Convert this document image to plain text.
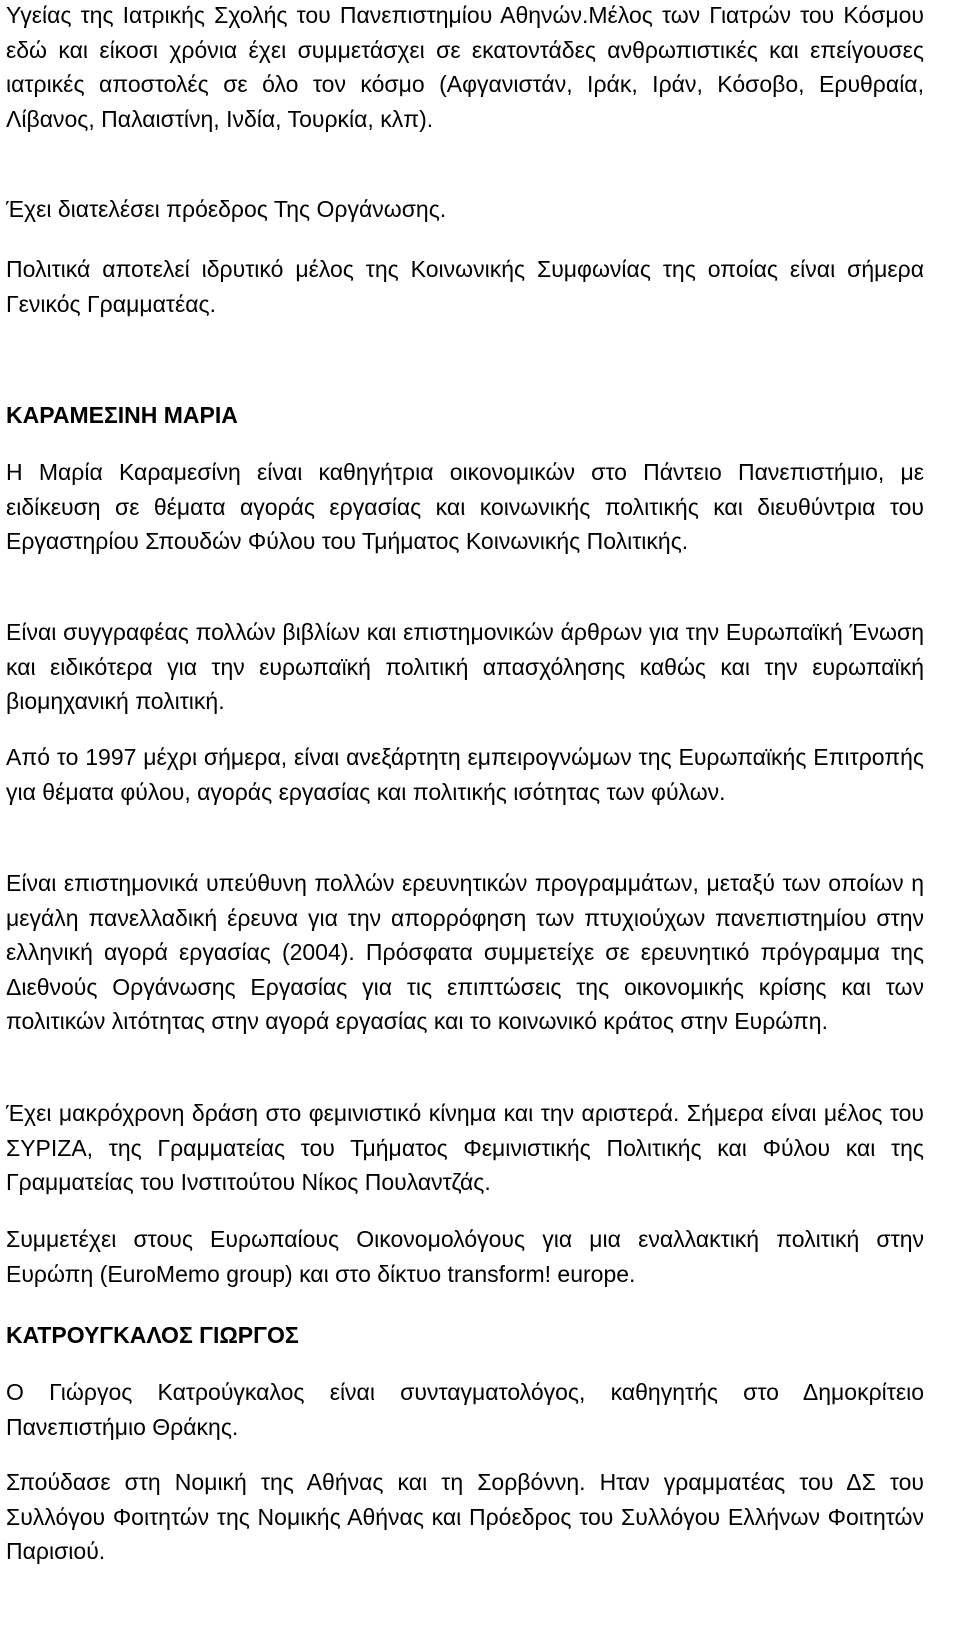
Υγείας της Ιατρικής Σχολής του Πανεπιστημίου Αθηνών.Μέλος των Γιατρών του Κόσμου εδώ και είκοσι χρόνια έχει συμμετάσχει σε εκατοντάδες ανθρωπιστικές και επείγουσες ιατρικές αποστολές σε όλο τον κόσμο (Αφγανιστάν, Ιράκ, Ιράν, Κόσοβο, Ερυθραία, Λίβανος, Παλαιστίνη, Ινδία, Τουρκία, κλπ).

Έχει διατελέσει πρόεδρος Της Οργάνωσης.

Πολιτικά αποτελεί ιδρυτικό μέλος της Κοινωνικής Συμφωνίας της οποίας είναι σήμερα Γενικός Γραμματέας.

ΚΑΡΑΜΕΣΙΝΗ ΜΑΡΙΑ

Η Μαρία Καραμεσίνη είναι καθηγήτρια οικονομικών στο Πάντειο Πανεπιστήμιο, με ειδίκευση σε θέματα αγοράς εργασίας και κοινωνικής πολιτικής και διευθύντρια του Εργαστηρίου Σπουδών Φύλου του Τμήματος Κοινωνικής Πολιτικής.

Είναι συγγραφέας πολλών βιβλίων και επιστημονικών άρθρων για την Ευρωπαϊκή Ένωση και ειδικότερα για την ευρωπαϊκή πολιτική απασχόλησης καθώς και την ευρωπαϊκή βιομηχανική πολιτική.

Από το 1997 μέχρι σήμερα, είναι ανεξάρτητη εμπειρογνώμων της Ευρωπαϊκής Επιτροπής για θέματα φύλου, αγοράς εργασίας και πολιτικής ισότητας των φύλων.

Είναι επιστημονικά υπεύθυνη πολλών ερευνητικών προγραμμάτων, μεταξύ των οποίων η μεγάλη πανελλαδική έρευνα για την απορρόφηση των πτυχιούχων πανεπιστημίου στην ελληνική αγορά εργασίας (2004). Πρόσφατα συμμετείχε σε ερευνητικό πρόγραμμα της Διεθνούς Οργάνωσης Εργασίας για τις επιπτώσεις της οικονομικής κρίσης και των πολιτικών λιτότητας στην αγορά εργασίας και το κοινωνικό κράτος στην Ευρώπη.

Έχει μακρόχρονη δράση στο φεμινιστικό κίνημα και την αριστερά. Σήμερα είναι μέλος του ΣΥΡΙΖΑ, της Γραμματείας του Τμήματος Φεμινιστικής Πολιτικής και Φύλου και της Γραμματείας του Ινστιτούτου Νίκος Πουλαντζάς.

Συμμετέχει στους Ευρωπαίους Οικονομολόγους για μια εναλλακτική πολιτική στην Ευρώπη (EuroMemo group) και στο δίκτυο transform! europe.

ΚΑΤΡΟΥΓΚΑΛΟΣ ΓΙΩΡΓΟΣ

Ο Γιώργος Κατρούγκαλος είναι συνταγματολόγος, καθηγητής στο Δημοκρίτειο Πανεπιστήμιο Θράκης.

Σπούδασε στη Νομική της Αθήνας και τη Σορβόννη. Ηταν γραμματέας του ΔΣ του Συλλόγου Φοιτητών της Νομικής Αθήνας και Πρόεδρος του Συλλόγου Ελλήνων Φοιτητών Παρισιού.
